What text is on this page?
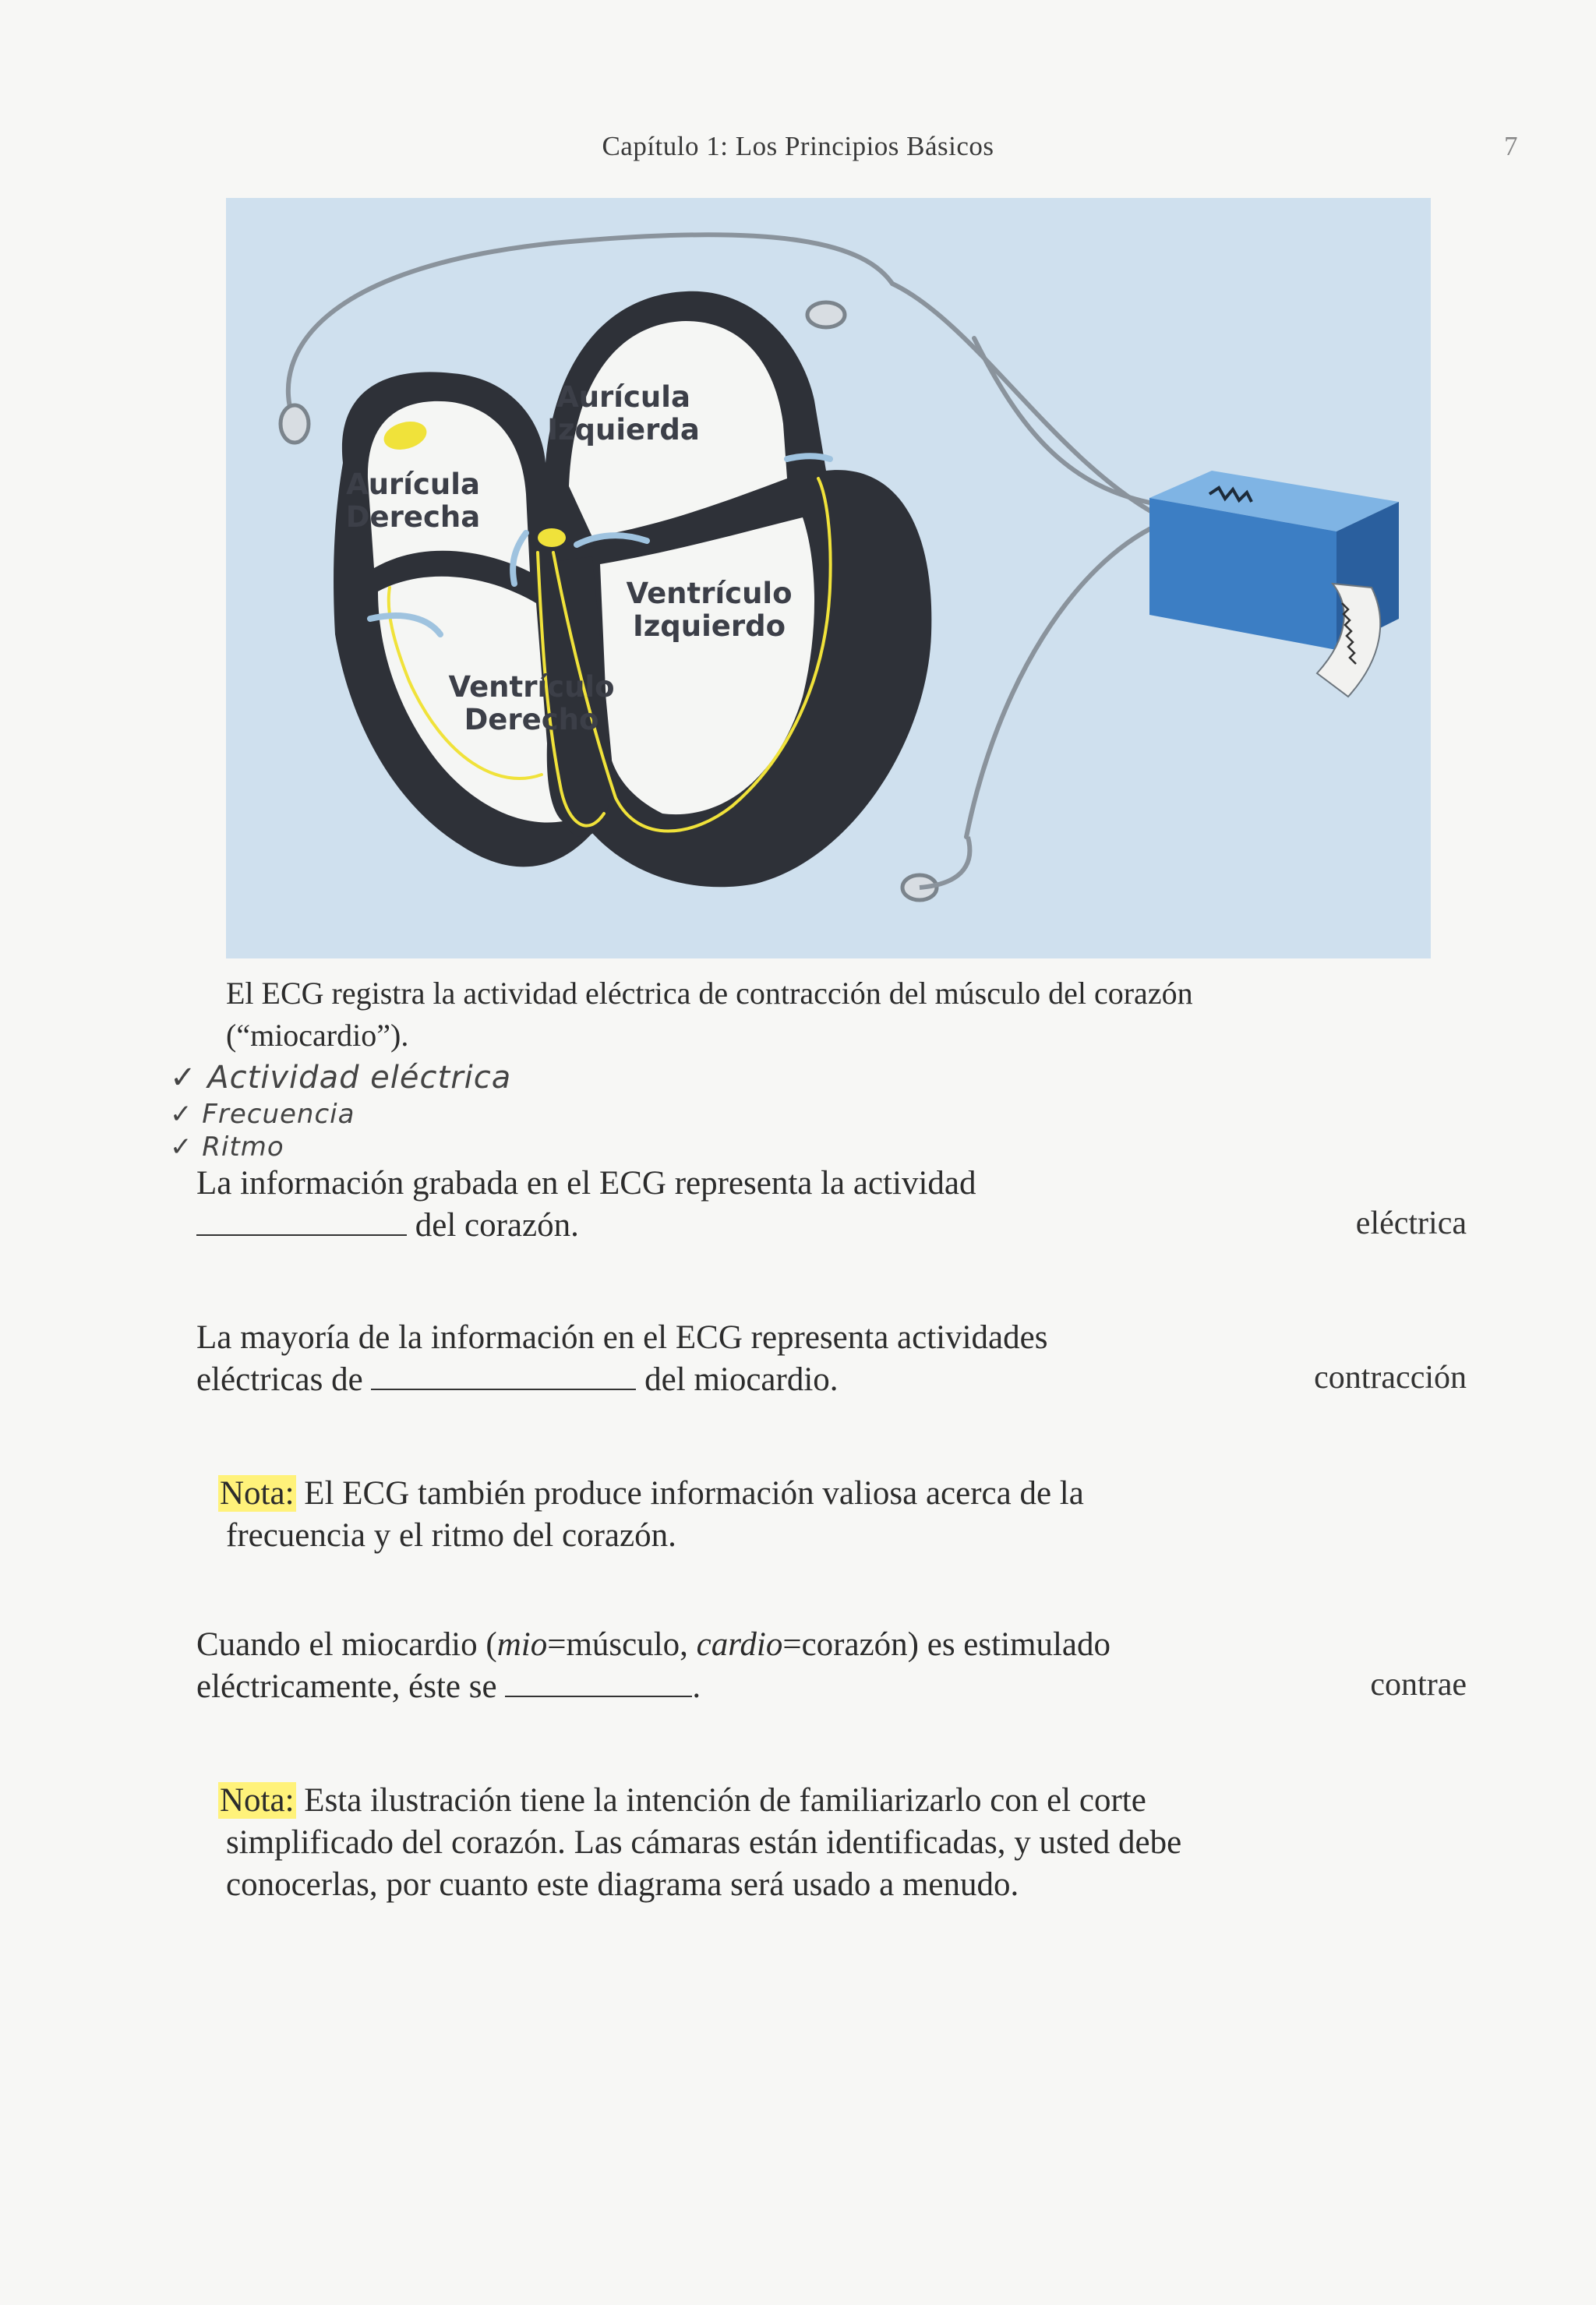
Capítulo 1: Los Principios Básicos	7
Aurícula
Izquierda
Aurícula
Derecha
Ventrículo
Izquierdo
Ventrículo
Derecho
El ECG registra la actividad eléctrica de contracción del músculo del corazón
(“miocardio”).
✓ Actividad eléctrica
✓ Frecuencia
✓ Ritmo
La información grabada en el ECG representa la actividad
del corazón.	eléctrica
La mayoría de la información en el ECG representa actividades
eléctricas de	del miocardio.	contracción
Nota: El ECG también produce información valiosa acerca de la
frecuencia y el ritmo del corazón.
Cuando el miocardio (mio=músculo, cardio=corazón) es estimulado
eléctricamente, éste se	.	contrae
Nota: Esta ilustración tiene la intención de familiarizarlo con el corte
simplificado del corazón. Las cámaras están identificadas, y usted debe
conocerlas, por cuanto este diagrama será usado a menudo.
